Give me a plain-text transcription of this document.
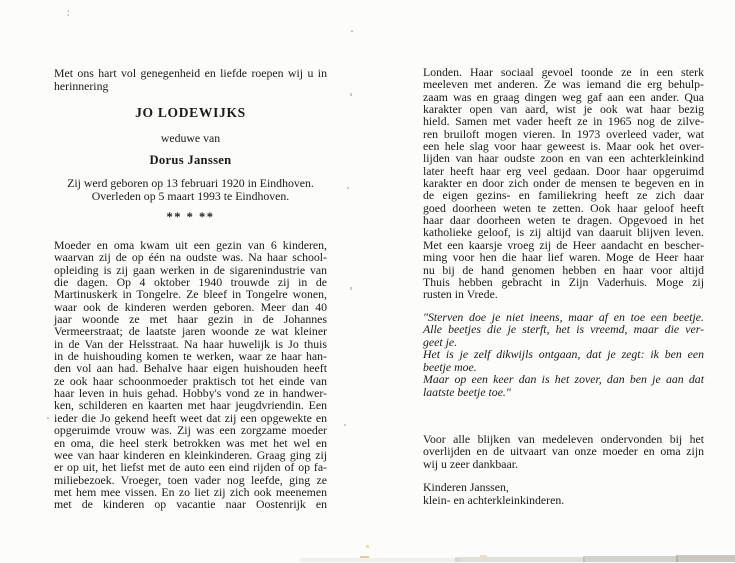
Met ons hart vol genegenheid en liefde roepen wij u in
herinnering
JO LODEWIJKS
weduwe van
Dorus Janssen
Zij werd geboren op 13 februari 1920 in Eindhoven.
Overleden op 5 maart 1993 te Eindhoven.
** * **
Moeder en oma kwam uit een gezin van 6 kinderen,
waarvan zij de op één na oudste was. Na haar school-
opleiding is zij gaan werken in de sigarenindustrie van
die dagen. Op 4 oktober 1940 trouwde zij in de
Martinuskerk in Tongelre. Ze bleef in Tongelre wonen,
waar ook de kinderen werden geboren. Meer dan 40
jaar woonde ze met haar gezin in de Johannes
Vermeerstraat; de laatste jaren woonde ze wat kleiner
in de Van der Helsstraat. Na haar huwelijk is Jo thuis
in de huishouding komen te werken, waar ze haar han-
den vol aan had. Behalve haar eigen huishouden heeft
ze ook haar schoonmoeder praktisch tot het einde van
haar leven in huis gehad. Hobby's vond ze in handwer-
ken, schilderen en kaarten met haar jeugdvriendin. Een
ieder die Jo gekend heeft weet dat zij een opgewekte en
opgeruimde vrouw was. Zij was een zorgzame moeder
en oma, die heel sterk betrokken was met het wel en
wee van haar kinderen en kleinkinderen. Graag ging zij
er op uit, het liefst met de auto een eind rijden of op fa-
miliebezoek. Vroeger, toen vader nog leefde, ging ze
met hem mee vissen. En zo liet zij zich ook meenemen
met de kinderen op vacantie naar Oostenrijk en
Londen. Haar sociaal gevoel toonde ze in een sterk
meeleven met anderen. Ze was iemand die erg behulp-
zaam was en graag dingen weg gaf aan een ander. Qua
karakter open van aard, wist je ook wat haar bezig
hield. Samen met vader heeft ze in 1965 nog de zilve-
ren bruiloft mogen vieren. In 1973 overleed vader, wat
een hele slag voor haar geweest is. Maar ook het over-
lijden van haar oudste zoon en van een achterkleinkind
later heeft haar erg veel gedaan. Door haar opgeruimd
karakter en door zich onder de mensen te begeven en in
de eigen gezins- en familiekring heeft ze zich daar
goed doorheen weten te zetten. Ook haar geloof heeft
haar daar doorheen weten te dragen. Opgevoed in het
katholieke geloof, is zij altijd van daaruit blijven leven.
Met een kaarsje vroeg zij de Heer aandacht en bescher-
ming voor hen die haar lief waren. Moge de Heer haar
nu bij de hand genomen hebben en haar voor altijd
Thuis hebben gebracht in Zijn Vaderhuis. Moge zij
rusten in Vrede.
"Sterven doe je niet ineens, maar af en toe een beetje.
Alle beetjes die je sterft, het is vreemd, maar die ver-
geet je.
Het is je zelf dikwijls ontgaan, dat je zegt: ik ben een
beetje moe.
Maar op een keer dan is het zover, dan ben je aan dat
laatste beetje toe."
Voor alle blijken van medeleven ondervonden bij het
overlijden en de uitvaart van onze moeder en oma zijn
wij u zeer dankbaar.
Kinderen Janssen,
klein- en achterkleinkinderen.
:
